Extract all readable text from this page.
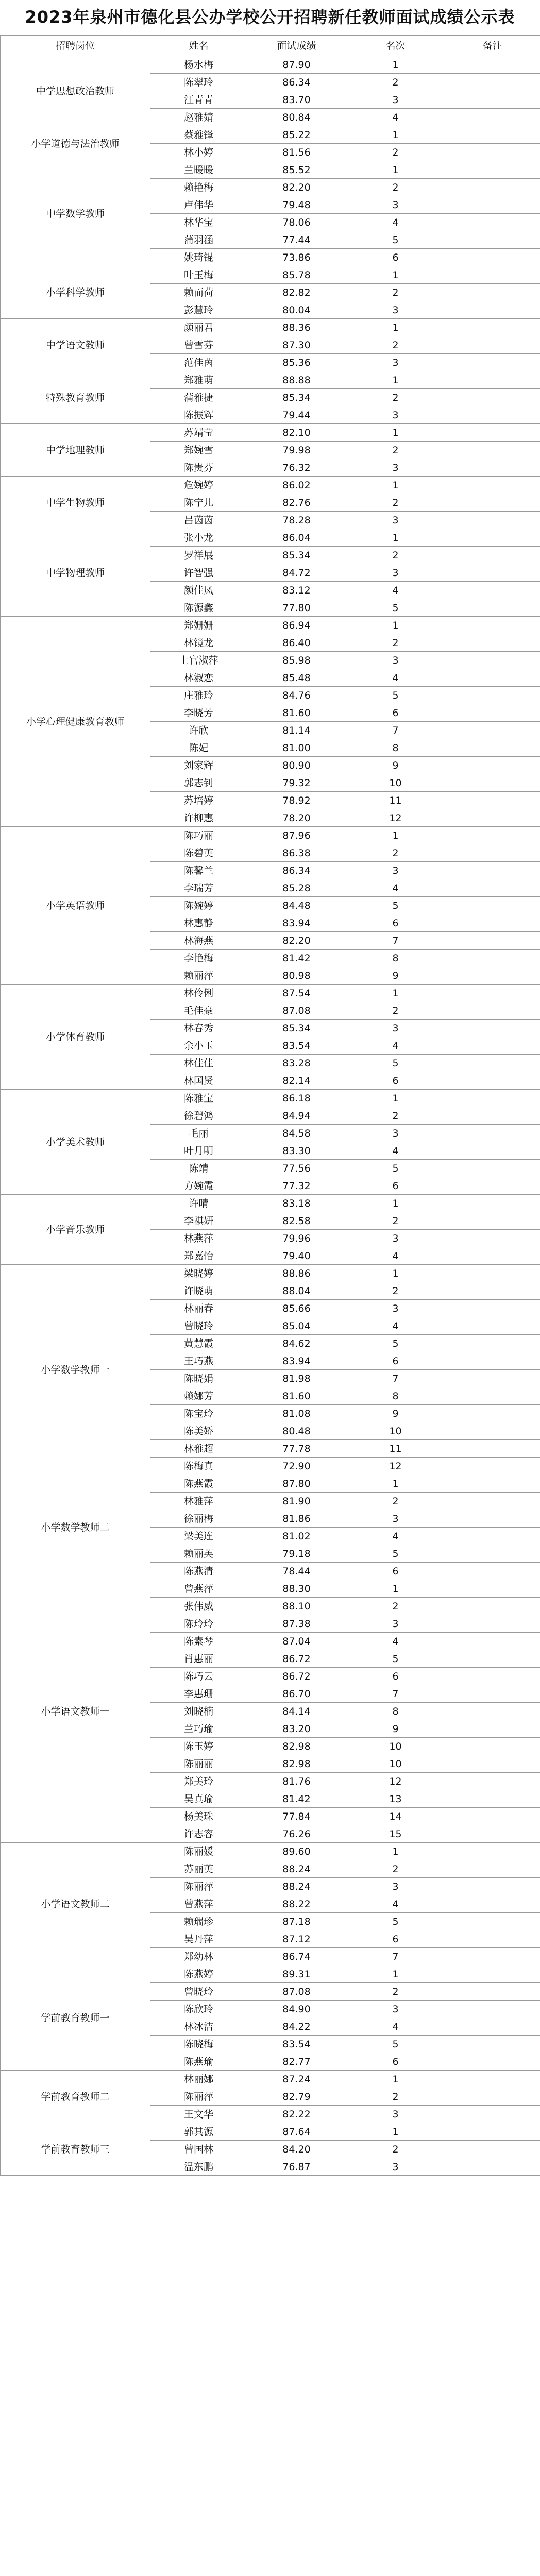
2023年泉州市德化县公办学校公开招聘新任教师面试成绩公示表
招聘岗位	姓名	面试成绩	名次	备注
中学思想政治教师	杨水梅	87.90	1	
	陈翠玲	86.34	2	
	江青青	83.70	3	
	赵雅婧	80.84	4	
小学道德与法治教师	蔡雅锋	85.22	1	
	林小婷	81.56	2	
中学数学教师	兰暖暖	85.52	1	
	赖艳梅	82.20	2	
	卢伟华	79.48	3	
	林华宝	78.06	4	
	蒲羽涵	77.44	5	
	姚琦锟	73.86	6	
小学科学教师	叶玉梅	85.78	1	
	赖而荷	82.82	2	
	彭慧玲	80.04	3	
中学语文教师	颜丽君	88.36	1	
	曾雪芬	87.30	2	
	范佳茵	85.36	3	
特殊教育教师	郑雅萌	88.88	1	
	蒲雅捷	85.34	2	
	陈振辉	79.44	3	
中学地理教师	苏靖莹	82.10	1	
	郑婉雪	79.98	2	
	陈贵芬	76.32	3	
中学生物教师	危婉婷	86.02	1	
	陈宁儿	82.76	2	
	吕茵茵	78.28	3	
中学物理教师	张小龙	86.04	1	
	罗祥展	85.34	2	
	许智强	84.72	3	
	颜佳凤	83.12	4	
	陈源鑫	77.80	5	
小学心理健康教育教师	郑姗姗	86.94	1	
	林镜龙	86.40	2	
	上官淑萍	85.98	3	
	林淑恋	85.48	4	
	庄雅玲	84.76	5	
	李晓芳	81.60	6	
	许欣	81.14	7	
	陈妃	81.00	8	
	刘家辉	80.90	9	
	郭志钊	79.32	10	
	苏培婷	78.92	11	
	许柳惠	78.20	12	
小学英语教师	陈巧丽	87.96	1	
	陈碧英	86.38	2	
	陈馨兰	86.34	3	
	李瑞芳	85.28	4	
	陈婉婷	84.48	5	
	林惠静	83.94	6	
	林海燕	82.20	7	
	李艳梅	81.42	8	
	赖丽萍	80.98	9	
小学体育教师	林伶俐	87.54	1	
	毛佳豪	87.08	2	
	林春秀	85.34	3	
	余小玉	83.54	4	
	林佳佳	83.28	5	
	林国贤	82.14	6	
小学美术教师	陈雅宝	86.18	1	
	徐碧鸿	84.94	2	
	毛丽	84.58	3	
	叶月明	83.30	4	
	陈靖	77.56	5	
	方婉霞	77.32	6	
小学音乐教师	许晴	83.18	1	
	李祺妍	82.58	2	
	林燕萍	79.96	3	
	郑嘉怡	79.40	4	
小学数学教师一	梁晓婷	88.86	1	
	许晓萌	88.04	2	
	林丽春	85.66	3	
	曾晓玲	85.04	4	
	黄慧霞	84.62	5	
	王巧燕	83.94	6	
	陈晓娟	81.98	7	
	赖娜芳	81.60	8	
	陈宝玲	81.08	9	
	陈美娇	80.48	10	
	林雅超	77.78	11	
	陈梅真	72.90	12	
小学数学教师二	陈燕霞	87.80	1	
	林雅萍	81.90	2	
	徐丽梅	81.86	3	
	梁美连	81.02	4	
	赖丽英	79.18	5	
	陈燕清	78.44	6	
小学语文教师一	曾燕萍	88.30	1	
	张伟威	88.10	2	
	陈玲玲	87.38	3	
	陈素琴	87.04	4	
	肖惠丽	86.72	5	
	陈巧云	86.72	6	
	李惠珊	86.70	7	
	刘晓楠	84.14	8	
	兰巧瑜	83.20	9	
	陈玉婷	82.98	10	
	陈丽丽	82.98	10	
	郑美玲	81.76	12	
	吴真瑜	81.42	13	
	杨美珠	77.84	14	
	许志容	76.26	15	
小学语文教师二	陈丽媛	89.60	1	
	苏丽英	88.24	2	
	陈丽萍	88.24	3	
	曾燕萍	88.22	4	
	赖瑞珍	87.18	5	
	吴丹萍	87.12	6	
	郑幼林	86.74	7	
学前教育教师一	陈燕婷	89.31	1	
	曾晓玲	87.08	2	
	陈欣玲	84.90	3	
	林冰洁	84.22	4	
	陈晓梅	83.54	5	
	陈燕瑜	82.77	6	
学前教育教师二	林丽娜	87.24	1	
	陈丽萍	82.79	2	
	王文华	82.22	3	
学前教育教师三	郭其源	87.64	1	
	曾国林	84.20	2	
	温东鹏	76.87	3	
